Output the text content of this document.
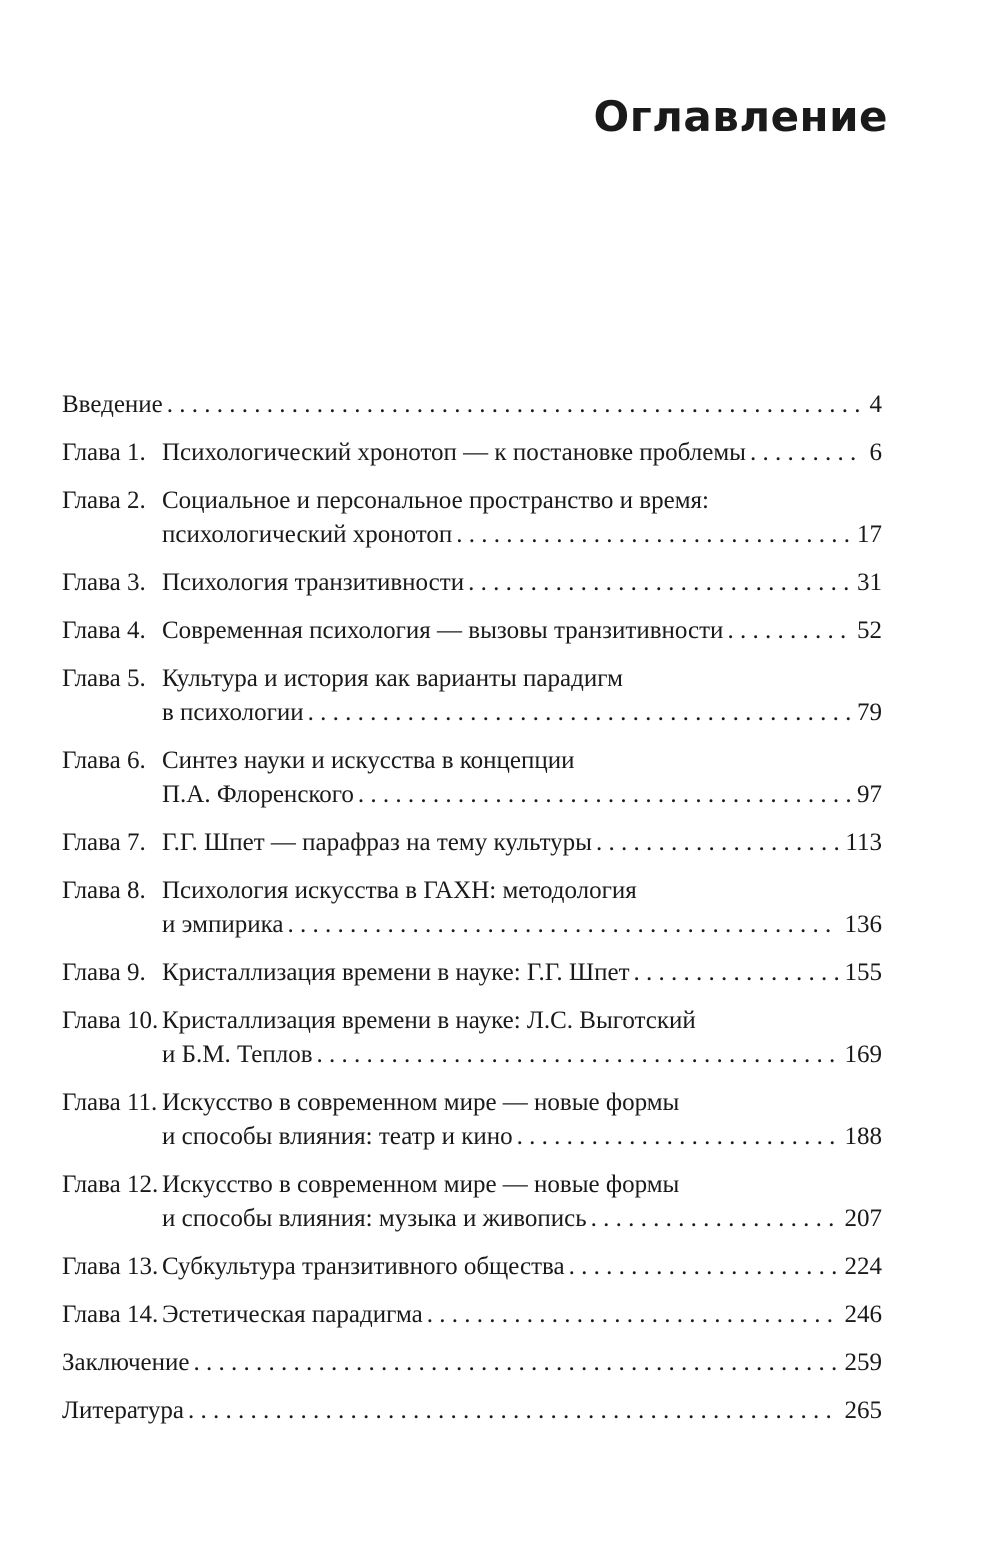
Оглавление
Введение . . .	4
Глава 1. Психологический хронотоп — к постановке проблемы . . .	6
Глава 2. Социальное и персональное пространство и время:
психологический хронотоп . . .	17
Глава 3. Психология транзитивности . . .	31
Глава 4. Современная психология — вызовы транзитивности . . .	52
Глава 5. Культура и история как варианты парадигм
в психологии . . .	79
Глава 6. Синтез науки и искусства в концепции
П.А. Флоренского . . .	97
Глава 7. Г.Г. Шпет — парафраз на тему культуры . . .	113
Глава 8. Психология искусства в ГАХН: методология
и эмпирика . . .	136
Глава 9. Кристаллизация времени в науке: Г.Г. Шпет . . .	155
Глава 10. Кристаллизация времени в науке: Л.С. Выготский
и Б.М. Теплов . . .	169
Глава 11. Искусство в современном мире — новые формы
и способы влияния: театр и кино . . .	188
Глава 12. Искусство в современном мире — новые формы
и способы влияния: музыка и живопись . . .	207
Глава 13. Субкультура транзитивного общества . . .	224
Глава 14. Эстетическая парадигма . . .	246
Заключение . . .	259
Литература . . .	265
